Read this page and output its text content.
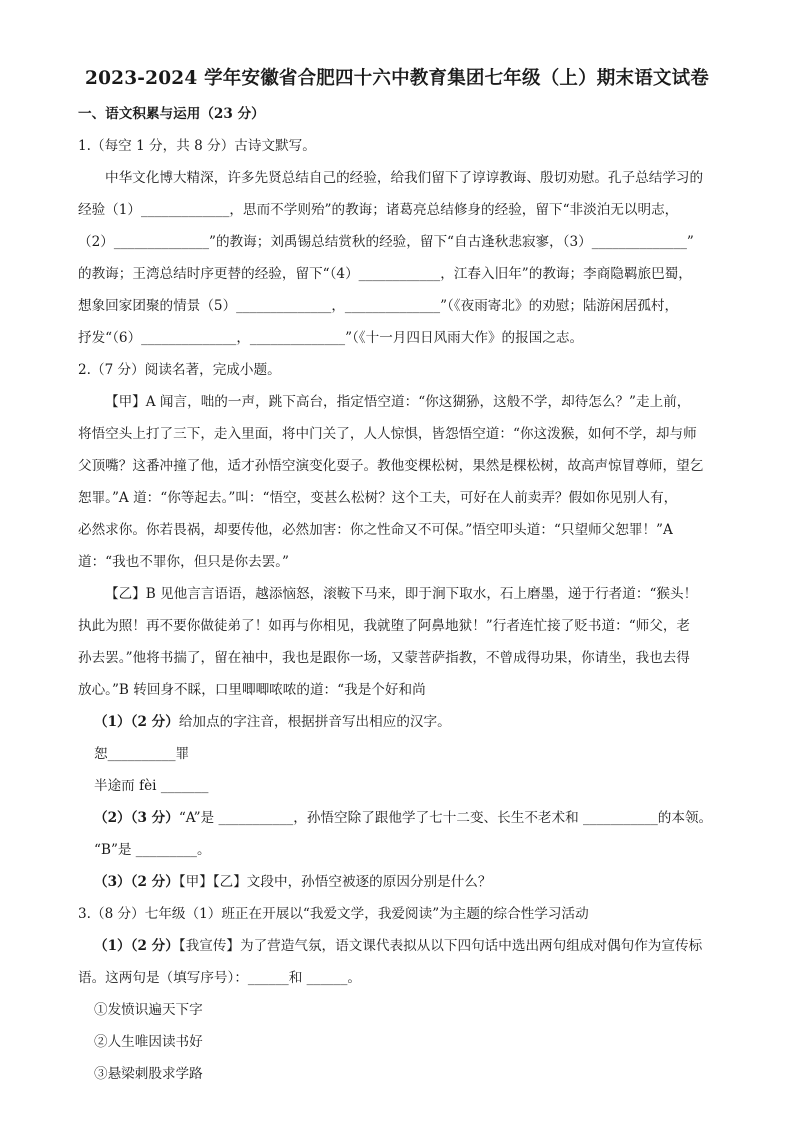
2023-2024 学年安徽省合肥四十六中教育集团七年级（上）期末语文试卷
一、语文积累与运用（23 分）
1.（每空 1 分，共 8 分）古诗文默写。
中华文化博大精深，许多先贤总结自己的经验，给我们留下了谆谆教诲、殷切劝慰。孔子总结学习的
经验（1）_____________，思而不学则殆”的教诲；诸葛亮总结修身的经验，留下“非淡泊无以明志，
（2）______________”的教诲；刘禹锡总结赏秋的经验，留下“自古逢秋悲寂寥，（3）______________”
的教诲；王湾总结时序更替的经验，留下“（4）____________，江春入旧年”的教诲；李商隐羁旅巴蜀，
想象回家团聚的情景（5）______________，______________”（《夜雨寄北》的劝慰；陆游闲居孤村，
抒发“（6）______________，______________”（《十一月四日风雨大作》的报国之志。
2.（7 分）阅读名著，完成小题。
【甲】A 闻言，咄的一声，跳下高台，指定悟空道：“你这猢狲，这般不学，却待怎么？”走上前，
将悟空头上打了三下，走入里面，将中门关了，人人惊惧，皆怨悟空道：“你这泼猴，如何不学，却与师
父顶嘴？这番冲撞了他，适才孙悟空演变化耍子。教他变棵松树，果然是棵松树，故高声惊冒尊师，望乞
恕罪。”A 道：“你等起去。”叫：“悟空，变甚么松树？这个工夫，可好在人前卖弄？假如你见别人有，
必然求你。你若畏祸，却要传他，必然加害：你之性命又不可保。”悟空叩头道：“只望师父恕罪！”A
道：“我也不罪你，但只是你去罢。”
【乙】B 见他言言语语，越添恼怒，滚鞍下马来，即于涧下取水，石上磨墨，递于行者道：“猴头！
执此为照！再不要你做徒弟了！如再与你相见，我就堕了阿鼻地狱！”行者连忙接了贬书道：“师父，老
孙去罢。”他将书揣了，留在袖中，我也是跟你一场，又蒙菩萨指教，不曾成得功果，你请坐，我也去得
放心。”B 转回身不睬，口里唧唧哝哝的道：“我是个好和尚
（1）（2 分）给加点的字注音，根据拼音写出相应的汉字。
恕__________罪
半途而 fèi _______
（2）（3 分）“A”是 ___________，孙悟空除了跟他学了七十二变、长生不老术和 ___________的本领。
“B”是 _________。
（3）（2 分）【甲】【乙】文段中，孙悟空被逐的原因分别是什么？
3.（8 分）七年级（1）班正在开展以“我爱文学，我爱阅读”为主题的综合性学习活动
（1）（2 分）【我宣传】为了营造气氛，语文课代表拟从以下四句话中选出两句组成对偶句作为宣传标
语。这两句是（填写序号）：______和 ______。
①发愤识遍天下字
②人生唯因读书好
③悬梁刺股求学路
